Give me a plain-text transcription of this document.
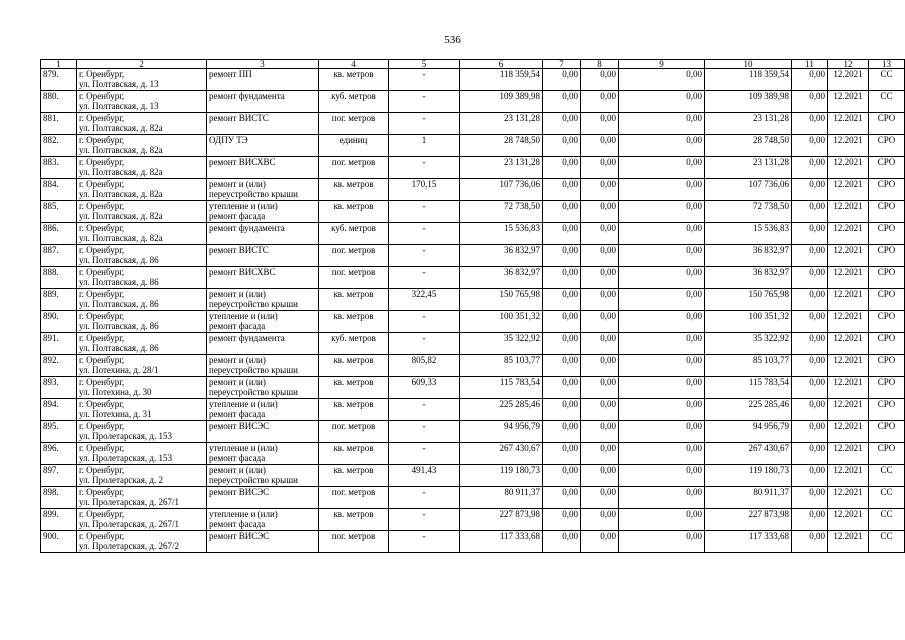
536
1	2	3	4	5	6	7	8	9	10	11	12	13

879.	г. Оренбург,
ул. Полтавская, д. 13	ремонт ПП	кв. метров	-	118 359,54	0,00	0,00	0,00	118 359,54	0,00	12.2021	СС

880.	г. Оренбург,
ул. Полтавская, д. 13	ремонт фундамента	куб. метров	-	109 389,98	0,00	0,00	0,00	109 389,98	0,00	12.2021	СС

881.	г. Оренбург,
ул. Полтавская, д. 82а	ремонт ВИСТС	пог. метров	-	23 131,28	0,00	0,00	0,00	23 131,28	0,00	12.2021	СРО

882.	г. Оренбург,
ул. Полтавская, д. 82а	ОДПУ ТЭ	единиц	1	28 748,50	0,00	0,00	0,00	28 748,50	0,00	12.2021	СРО

883.	г. Оренбург,
ул. Полтавская, д. 82а	ремонт ВИСХВС	пог. метров	-	23 131,28	0,00	0,00	0,00	23 131,28	0,00	12.2021	СРО

884.	г. Оренбург,
ул. Полтавская, д. 82а	ремонт и (или)
переустройство крыши	кв. метров	170,15	107 736,06	0,00	0,00	0,00	107 736,06	0,00	12.2021	СРО

885.	г. Оренбург,
ул. Полтавская, д. 82а	утепление и (или)
ремонт фасада	кв. метров	-	72 738,50	0,00	0,00	0,00	72 738,50	0,00	12.2021	СРО

886.	г. Оренбург,
ул. Полтавская, д. 82а	ремонт фундамента	куб. метров	-	15 536,83	0,00	0,00	0,00	15 536,83	0,00	12.2021	СРО

887.	г. Оренбург,
ул. Полтавская, д. 86	ремонт ВИСТС	пог. метров	-	36 832,97	0,00	0,00	0,00	36 832,97	0,00	12.2021	СРО

888.	г. Оренбург,
ул. Полтавская, д. 86	ремонт ВИСХВС	пог. метров	-	36 832,97	0,00	0,00	0,00	36 832,97	0,00	12.2021	СРО

889.	г. Оренбург,
ул. Полтавская, д. 86	ремонт и (или)
переустройство крыши	кв. метров	322,45	150 765,98	0,00	0,00	0,00	150 765,98	0,00	12.2021	СРО

890.	г. Оренбург,
ул. Полтавская, д. 86	утепление и (или)
ремонт фасада	кв. метров	-	100 351,32	0,00	0,00	0,00	100 351,32	0,00	12.2021	СРО

891.	г. Оренбург,
ул. Полтавская, д. 86	ремонт фундамента	куб. метров	-	35 322,92	0,00	0,00	0,00	35 322,92	0,00	12.2021	СРО

892.	г. Оренбург,
ул. Потехина, д. 28/1	ремонт и (или)
переустройство крыши	кв. метров	805,82	85 103,77	0,00	0,00	0,00	85 103,77	0,00	12.2021	СРО

893.	г. Оренбург,
ул. Потехина, д. 30	ремонт и (или)
переустройство крыши	кв. метров	609,33	115 783,54	0,00	0,00	0,00	115 783,54	0,00	12.2021	СРО

894.	г. Оренбург,
ул. Потехина, д. 31	утепление и (или)
ремонт фасада	кв. метров	-	225 285,46	0,00	0,00	0,00	225 285,46	0,00	12.2021	СРО

895.	г. Оренбург,
ул. Пролетарская, д. 153	ремонт ВИСЭС	пог. метров	-	94 956,79	0,00	0,00	0,00	94 956,79	0,00	12.2021	СРО

896.	г. Оренбург,
ул. Пролетарская, д. 153	утепление и (или)
ремонт фасада	кв. метров	-	267 430,67	0,00	0,00	0,00	267 430,67	0,00	12.2021	СРО

897.	г. Оренбург,
ул. Пролетарская, д. 2	ремонт и (или)
переустройство крыши	кв. метров	491,43	119 180,73	0,00	0,00	0,00	119 180,73	0,00	12.2021	СС

898.	г. Оренбург,
ул. Пролетарская, д. 267/1	ремонт ВИСЭС	пог. метров	-	80 911,37	0,00	0,00	0,00	80 911,37	0,00	12.2021	СС

899.	г. Оренбург,
ул. Пролетарская, д. 267/1	утепление и (или)
ремонт фасада	кв. метров	-	227 873,98	0,00	0,00	0,00	227 873,98	0,00	12.2021	СС

900.	г. Оренбург,
ул. Пролетарская, д. 267/2	ремонт ВИСЭС	пог. метров	-	117 333,68	0,00	0,00	0,00	117 333,68	0,00	12.2021	СС
